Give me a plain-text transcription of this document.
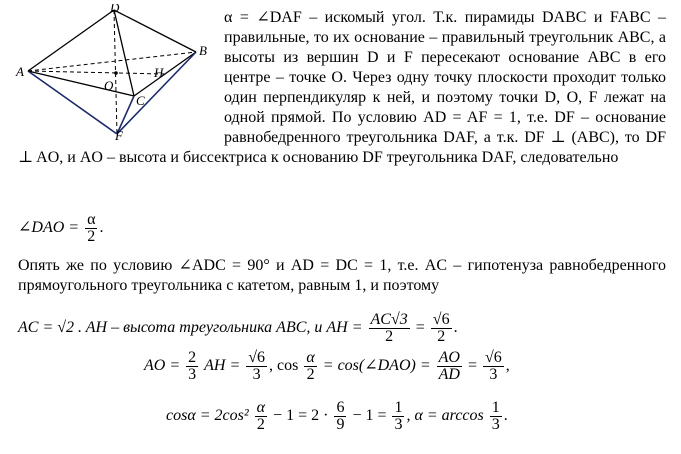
D
A
B
O
H
C
F
α = ∠DAF – искомый угол. Т.к. пирамиды DABC и FABC – правильные, то их основание – правильный треугольник ABC, а высоты из вершин D и F пересекают основание ABC в его центре – точке O. Через одну точку плоскости проходит только один перпендикуляр к ней, и поэтому точки D, O, F лежат на одной прямой. По условию AD = AF = 1, т.е. DF – основание равнобедренного треугольника DAF, а т.к. DF ⊥ (ABC), то DF ⊥ AO, и AO – высота и биссектриса к основанию DF треугольника DAF, следовательно
∠DAO = $\frac{\alpha}{2}$ .
Опять же по условию ∠ADC = 90° и AD = DC = 1, т.е. AC – гипотенуза равнобедренного прямоугольного треугольника с катетом, равным 1, и поэтому
AC = √2 . AH – высота треугольника ABC, и AH = $\frac{AC√3}{2} = \frac{√6}{2}$ .
AO = $\frac{2}{3}$ AH = $\frac{√6}{3}$ , $\cos \frac{\alpha}{2}$ = cos(∠DAO) = $\frac{AO}{AD} = \frac{√6}{3}$ ,
$\cos\alpha = 2\cos^2 \frac{\alpha}{2} - 1 = 2 \cdot \frac{6}{9} - 1 = \frac{1}{3}$ , $\alpha = \arccos \frac{1}{3}$ .
